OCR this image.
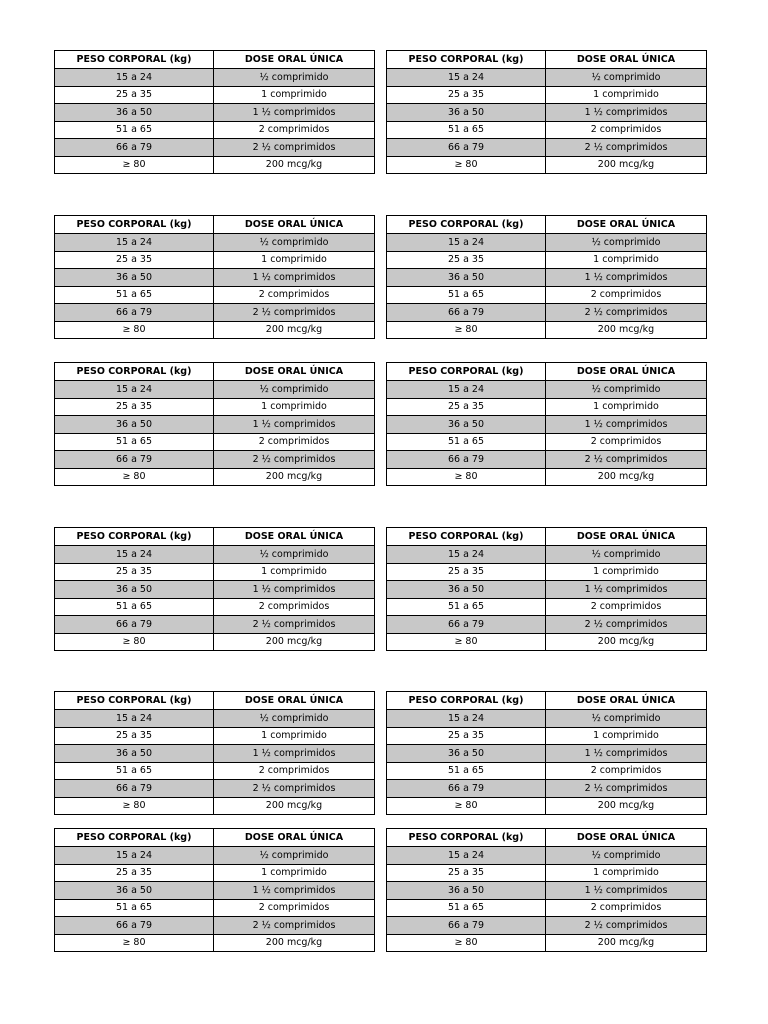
PESO CORPORAL (kg)	DOSE ORAL ÚNICA
15 a 24	½ comprimido
25 a 35	1 comprimido
36 a 50	1 ½ comprimidos
51 a 65	2 comprimidos
66 a 79	2 ½ comprimidos
≥ 80	200 mcg/kg
PESO CORPORAL (kg)	DOSE ORAL ÚNICA
15 a 24	½ comprimido
25 a 35	1 comprimido
36 a 50	1 ½ comprimidos
51 a 65	2 comprimidos
66 a 79	2 ½ comprimidos
≥ 80	200 mcg/kg
PESO CORPORAL (kg)	DOSE ORAL ÚNICA
15 a 24	½ comprimido
25 a 35	1 comprimido
36 a 50	1 ½ comprimidos
51 a 65	2 comprimidos
66 a 79	2 ½ comprimidos
≥ 80	200 mcg/kg
PESO CORPORAL (kg)	DOSE ORAL ÚNICA
15 a 24	½ comprimido
25 a 35	1 comprimido
36 a 50	1 ½ comprimidos
51 a 65	2 comprimidos
66 a 79	2 ½ comprimidos
≥ 80	200 mcg/kg
PESO CORPORAL (kg)	DOSE ORAL ÚNICA
15 a 24	½ comprimido
25 a 35	1 comprimido
36 a 50	1 ½ comprimidos
51 a 65	2 comprimidos
66 a 79	2 ½ comprimidos
≥ 80	200 mcg/kg
PESO CORPORAL (kg)	DOSE ORAL ÚNICA
15 a 24	½ comprimido
25 a 35	1 comprimido
36 a 50	1 ½ comprimidos
51 a 65	2 comprimidos
66 a 79	2 ½ comprimidos
≥ 80	200 mcg/kg
PESO CORPORAL (kg)	DOSE ORAL ÚNICA
15 a 24	½ comprimido
25 a 35	1 comprimido
36 a 50	1 ½ comprimidos
51 a 65	2 comprimidos
66 a 79	2 ½ comprimidos
≥ 80	200 mcg/kg
PESO CORPORAL (kg)	DOSE ORAL ÚNICA
15 a 24	½ comprimido
25 a 35	1 comprimido
36 a 50	1 ½ comprimidos
51 a 65	2 comprimidos
66 a 79	2 ½ comprimidos
≥ 80	200 mcg/kg
PESO CORPORAL (kg)	DOSE ORAL ÚNICA
15 a 24	½ comprimido
25 a 35	1 comprimido
36 a 50	1 ½ comprimidos
51 a 65	2 comprimidos
66 a 79	2 ½ comprimidos
≥ 80	200 mcg/kg
PESO CORPORAL (kg)	DOSE ORAL ÚNICA
15 a 24	½ comprimido
25 a 35	1 comprimido
36 a 50	1 ½ comprimidos
51 a 65	2 comprimidos
66 a 79	2 ½ comprimidos
≥ 80	200 mcg/kg
PESO CORPORAL (kg)	DOSE ORAL ÚNICA
15 a 24	½ comprimido
25 a 35	1 comprimido
36 a 50	1 ½ comprimidos
51 a 65	2 comprimidos
66 a 79	2 ½ comprimidos
≥ 80	200 mcg/kg
PESO CORPORAL (kg)	DOSE ORAL ÚNICA
15 a 24	½ comprimido
25 a 35	1 comprimido
36 a 50	1 ½ comprimidos
51 a 65	2 comprimidos
66 a 79	2 ½ comprimidos
≥ 80	200 mcg/kg
